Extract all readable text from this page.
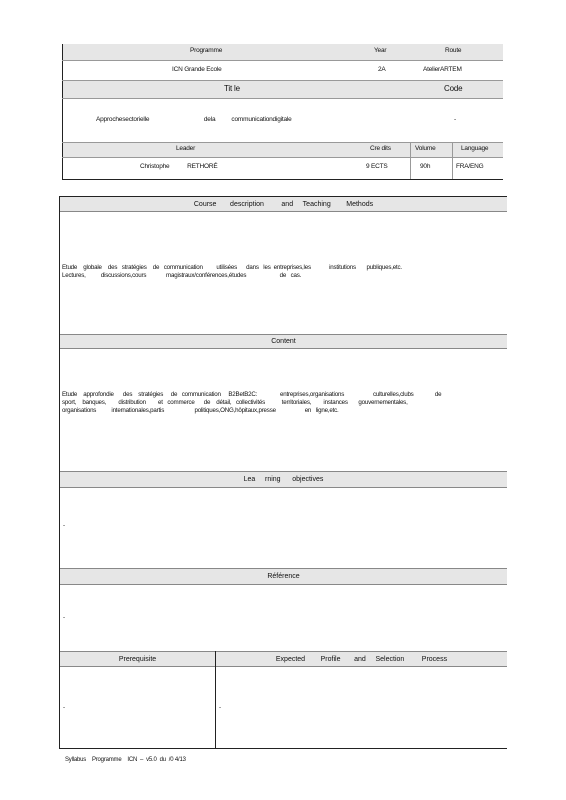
Programme	Year	Route
ICN Grande Ecole	2A	AtelierARTEM
Tit le	Code
Approchesectorielle                                  dela          communicationdigitale	-
Leader	Cre dits	Volume	Language
Christophe           RETHORÉ	9 ECTS	90h	FRA/ENG
Course       description         and     Teaching        Methods
Etude    globale    des   stratégies    de   communication         utilisées      dans   les  entreprises,les            institutions       publiques,etc.
Lectures,          discussions,cours             magistraux/conférences,études                      de   cas.
Content
Etude    approfondie      des    stratégies     de   communication     B2BetB2C:               entreprises,organisations                   culturelles,clubs              de
sport,    banques,        distribution        et   commerce      de    détail,   collectivités           territoriales,        instances       gouvernementales,
organisations          internationales,partis                    politiques,ONG,hôpitaux,presse                   en   ligne,etc.
Lea     rning      objectives
-
Référence
-
Prerequisite	Expected        Profile       and     Selection         Process
-	-
Syllabus    Programme    ICN  –  v5.0  du  /0 4/13
